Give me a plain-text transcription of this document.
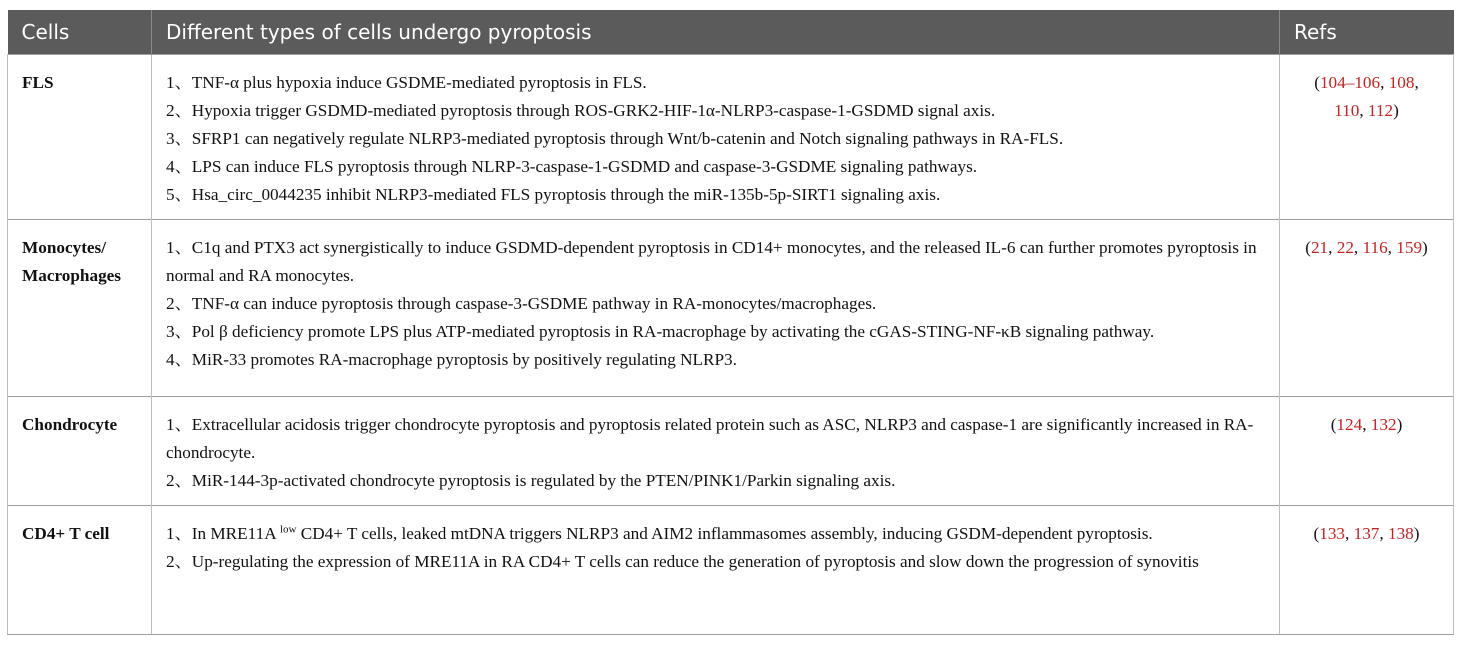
Cells	Different types of cells undergo pyroptosis	Refs
FLS	1、TNF-α plus hypoxia induce GSDME-mediated pyroptosis in FLS.
2、Hypoxia trigger GSDMD-mediated pyroptosis through ROS-GRK2-HIF-1α-NLRP3-caspase-1-GSDMD signal axis.
3、SFRP1 can negatively regulate NLRP3-mediated pyroptosis through Wnt/b-catenin and Notch signaling pathways in RA-FLS.
4、LPS can induce FLS pyroptosis through NLRP-3-caspase-1-GSDMD and caspase-3-GSDME signaling pathways.
5、Hsa_circ_0044235 inhibit NLRP3-mediated FLS pyroptosis through the miR-135b-5p-SIRT1 signaling axis.	(104–106, 108,
110, 112)
Monocytes/ Macrophages	1、C1q and PTX3 act synergistically to induce GSDMD-dependent pyroptosis in CD14+ monocytes, and the released IL-6 can further promotes pyroptosis in normal and RA monocytes.
2、TNF-α can induce pyroptosis through caspase-3-GSDME pathway in RA-monocytes/macrophages.
3、Pol β deficiency promote LPS plus ATP-mediated pyroptosis in RA-macrophage by activating the cGAS-STING-NF-κB signaling pathway.
4、MiR-33 promotes RA-macrophage pyroptosis by positively regulating NLRP3.	(21, 22, 116, 159)
Chondrocyte	1、Extracellular acidosis trigger chondrocyte pyroptosis and pyroptosis related protein such as ASC, NLRP3 and caspase-1 are significantly increased in RA-chondrocyte.
2、MiR-144-3p-activated chondrocyte pyroptosis is regulated by the PTEN/PINK1/Parkin signaling axis.	(124, 132)
CD4+ T cell	1、In MRE11A $^{low}$ CD4+ T cells, leaked mtDNA triggers NLRP3 and AIM2 inflammasomes assembly, inducing GSDM-dependent pyroptosis.
2、Up-regulating the expression of MRE11A in RA CD4+ T cells can reduce the generation of pyroptosis and slow down the progression of synovitis	(133, 137, 138)
